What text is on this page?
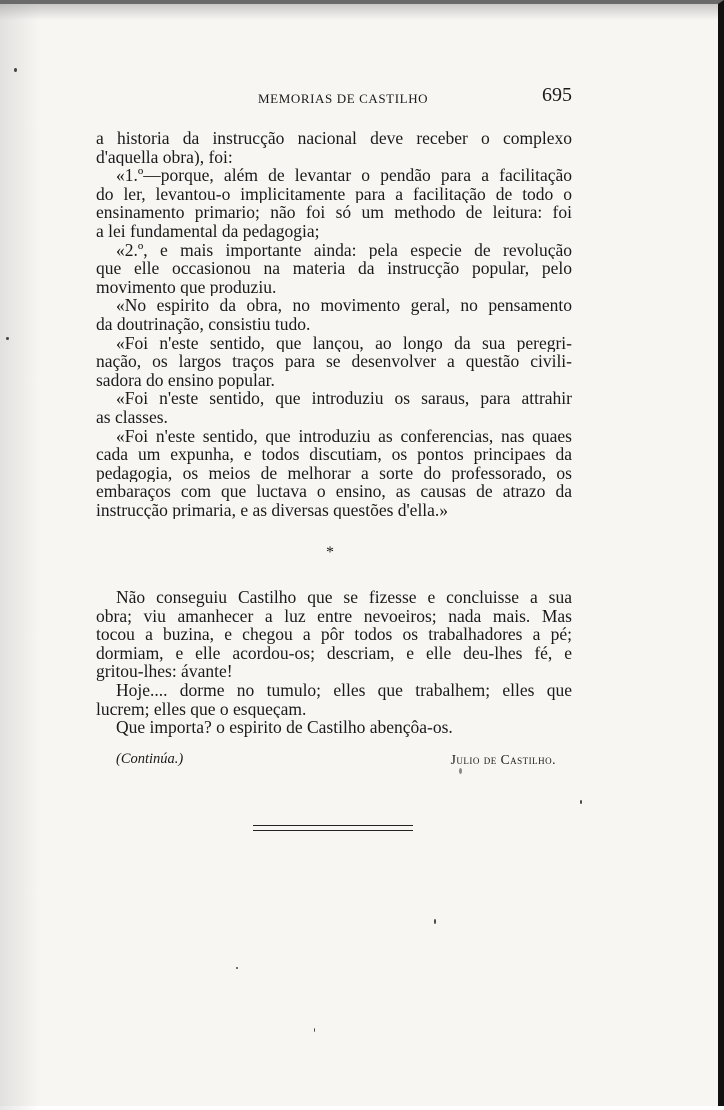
MEMORIAS DE CASTILHO	695
a historia da instrucção nacional deve receber o complexo
d'aquella obra), foi:
«1.º—porque, além de levantar o pendão para a facilitação
do ler, levantou-o implicitamente para a facilitação de todo o
ensinamento primario; não foi só um methodo de leitura: foi
a lei fundamental da pedagogia;
«2.º, e mais importante ainda: pela especie de revolução
que elle occasionou na materia da instrucção popular, pelo
movimento que produziu.
«No espirito da obra, no movimento geral, no pensamento
da doutrinação, consistiu tudo.
«Foi n'este sentido, que lançou, ao longo da sua peregri-
nação, os largos traços para se desenvolver a questão civili-
sadora do ensino popular.
«Foi n'este sentido, que introduziu os saraus, para attrahir
as classes.
«Foi n'este sentido, que introduziu as conferencias, nas quaes
cada um expunha, e todos discutiam, os pontos principaes da
pedagogia, os meios de melhorar a sorte do professorado, os
embaraços com que luctava o ensino, as causas de atrazo da
instrucção primaria, e as diversas questões d'ella.»
*
Não conseguiu Castilho que se fizesse e concluisse a sua
obra; viu amanhecer a luz entre nevoeiros; nada mais. Mas
tocou a buzina, e chegou a pôr todos os trabalhadores a pé;
dormiam, e elle acordou-os; descriam, e elle deu-lhes fé, e
gritou-lhes: ávante!
Hoje.... dorme no tumulo; elles que trabalhem; elles que
lucrem; elles que o esqueçam.
Que importa? o espirito de Castilho abençôa-os.
(Continúa.)	Julio de Castilho.
